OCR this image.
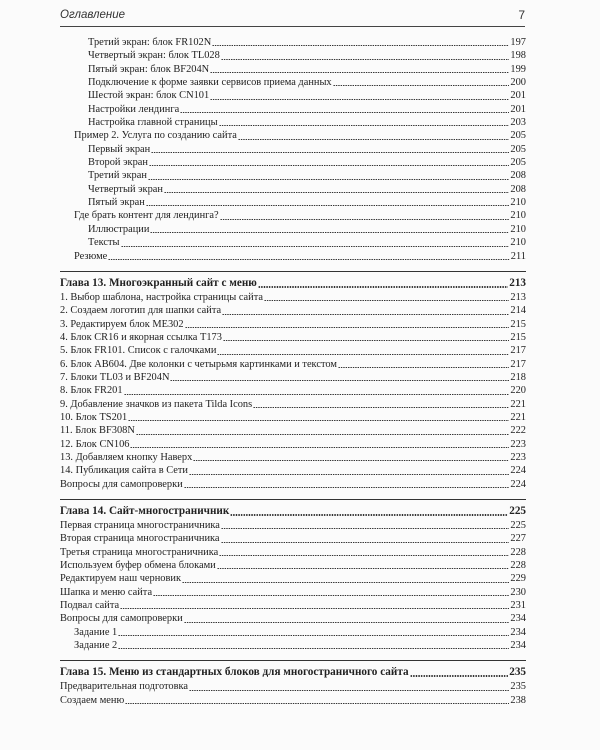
Оглавление	7
Третий экран: блок FR102N	197
Четвертый экран: блок TL028	198
Пятый экран: блок BF204N	199
Подключение к форме заявки сервисов приема данных	200
Шестой экран: блок CN101	201
Настройки лендинга	201
Настройка главной страницы	203
Пример 2. Услуга по созданию сайта	205
Первый экран	205
Второй экран	205
Третий экран	208
Четвертый экран	208
Пятый экран	210
Где брать контент для лендинга?	210
Иллюстрации	210
Тексты	210
Резюме	211
Глава 13. Многоэкранный сайт с меню	213
1. Выбор шаблона, настройка страницы сайта	213
2. Создаем логотип для шапки сайта	214
3. Редактируем блок ME302	215
4. Блок CR16 и якорная ссылка T173	215
5. Блок FR101. Список с галочками	217
6. Блок AB604. Две колонки с четырьмя картинками и текстом	217
7. Блоки TL03 и BF204N	218
8. Блок FR201	220
9. Добавление значков из пакета Tilda Icons	221
10. Блок TS201	221
11. Блок BF308N	222
12. Блок CN106	223
13. Добавляем кнопку Наверх	223
14. Публикация сайта в Сети	224
Вопросы для самопроверки	224
Глава 14. Сайт-многостраничник	225
Первая страница многостраничника	225
Вторая страница многостраничника	227
Третья страница многостраничника	228
Используем буфер обмена блоками	228
Редактируем наш черновик	229
Шапка и меню сайта	230
Подвал сайта	231
Вопросы для самопроверки	234
Задание 1	234
Задание 2	234
Глава 15. Меню из стандартных блоков для многостраничного сайта	235
Предварительная подготовка	235
Создаем меню	238
